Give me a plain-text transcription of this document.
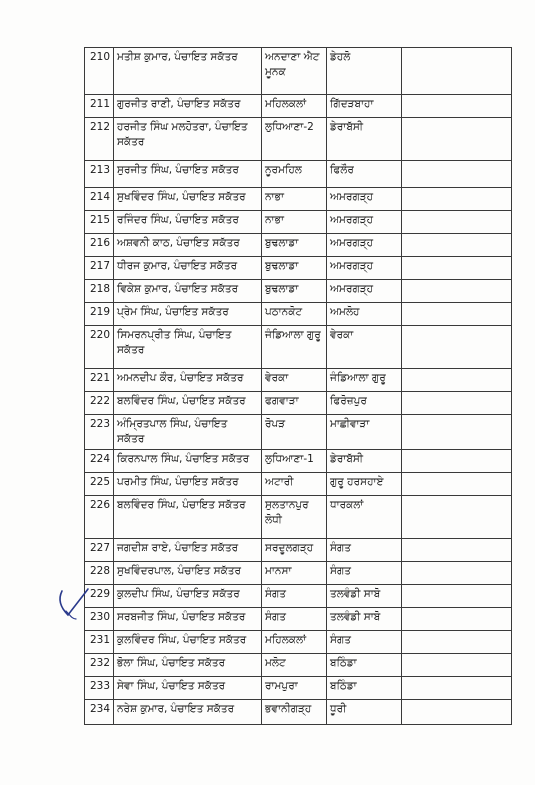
210	ਮਤੀਸ਼ ਕੁਮਾਰ, ਪੰਚਾਇਤ ਸਕੱਤਰ	ਅਨਦਾਣਾ ਐਟ ਮੂਨਕ	ਡੇਹਲੋ	
211	ਗੁਰਜੀਤ ਰਾਣੀ, ਪੰਚਾਇਤ ਸਕੱਤਰ	ਮਹਿਲਕਲਾਂ	ਗਿੱਦੜਬਾਹਾ	
212	ਹਰਜੀਤ ਸਿੰਘ ਮਲਹੋਤਰਾ, ਪੰਚਾਇਤ ਸਕੱਤਰ	ਲੁਧਿਆਣਾ-2	ਡੇਰਾਬੱਸੀ	
213	ਸੁਰਜੀਤ ਸਿੰਘ, ਪੰਚਾਇਤ ਸਕੱਤਰ	ਨੂਰਮਹਿਲ	ਫਿਲੌਰ	
214	ਸੁਖਵਿੰਦਰ ਸਿੰਘ, ਪੰਚਾਇਤ ਸਕੱਤਰ	ਨਾਭਾ	ਅਮਰਗੜ੍ਹ	
215	ਰਜਿੰਦਰ ਸਿੰਘ, ਪੰਚਾਇਤ ਸਕੱਤਰ	ਨਾਭਾ	ਅਮਰਗੜ੍ਹ	
216	ਅਸ਼ਵਨੀ ਕਾਠ, ਪੰਚਾਇਤ ਸਕੱਤਰ	ਬੁਢਲਾਡਾ	ਅਮਰਗੜ੍ਹ	
217	ਧੀਰਜ ਕੁਮਾਰ, ਪੰਚਾਇਤ ਸਕੱਤਰ	ਬੁਢਲਾਡਾ	ਅਮਰਗੜ੍ਹ	
218	ਵਿਕੇਸ਼ ਕੁਮਾਰ, ਪੰਚਾਇਤ ਸਕੱਤਰ	ਬੁਢਲਾਡਾ	ਅਮਰਗੜ੍ਹ	
219	ਪ੍ਰੇਮ ਸਿੰਘ, ਪੰਚਾਇਤ ਸਕੱਤਰ	ਪਠਾਨਕੋਟ	ਅਮਲੋਹ	
220	ਸਿਮਰਨਪ੍ਰੀਤ ਸਿੰਘ, ਪੰਚਾਇਤ ਸਕੱਤਰ	ਜੰਡਿਆਲਾ ਗੁਰੂ	ਵੇਰਕਾ	
221	ਅਮਨਦੀਪ ਕੌਰ, ਪੰਚਾਇਤ ਸਕੱਤਰ	ਵੇਰਕਾ	ਜੰਡਿਆਲਾ ਗੁਰੂ	
222	ਬਲਵਿੰਦਰ ਸਿੰਘ, ਪੰਚਾਇਤ ਸਕੱਤਰ	ਫਗਵਾੜਾ	ਫਿਰੋਜ਼ਪੁਰ	
223	ਅੰਮ੍ਰਿਤਪਾਲ ਸਿੰਘ, ਪੰਚਾਇਤ ਸਕੱਤਰ	ਰੋਪੜ	ਮਾਛੀਵਾੜਾ	
224	ਕਿਰਨਪਾਲ ਸਿੰਘ, ਪੰਚਾਇਤ ਸਕੱਤਰ	ਲੁਧਿਆਣਾ-1	ਡੇਰਾਬੱਸੀ	
225	ਪਰਮੀਤ ਸਿੰਘ, ਪੰਚਾਇਤ ਸਕੱਤਰ	ਅਟਾਰੀ	ਗੁਰੂ ਹਰਸਹਾਏ	
226	ਬਲਵਿੰਦਰ ਸਿੰਘ, ਪੰਚਾਇਤ ਸਕੱਤਰ	ਸੁਲਤਾਨਪੁਰ ਲੋਧੀ	ਧਾਰਕਲਾਂ	
227	ਜਗਦੀਸ਼ ਰਾਏ, ਪੰਚਾਇਤ ਸਕੱਤਰ	ਸਰਦੂਲਗੜ੍ਹ	ਸੰਗਤ	
228	ਸੁਖਵਿੰਦਰਪਾਲ, ਪੰਚਾਇਤ ਸਕੱਤਰ	ਮਾਨਸਾ	ਸੰਗਤ	
229	ਕੁਲਦੀਪ ਸਿੰਘ, ਪੰਚਾਇਤ ਸਕੱਤਰ	ਸੰਗਤ	ਤਲਵੰਡੀ ਸਾਬੋ	
230	ਸਰਬਜੀਤ ਸਿੰਘ, ਪੰਚਾਇਤ ਸਕੱਤਰ	ਸੰਗਤ	ਤਲਵੰਡੀ ਸਾਬੋ	
231	ਕੁਲਵਿੰਦਰ ਸਿੰਘ, ਪੰਚਾਇਤ ਸਕੱਤਰ	ਮਹਿਲਕਲਾਂ	ਸੰਗਤ	
232	ਭੋਲਾ ਸਿੰਘ, ਪੰਚਾਇਤ ਸਕੱਤਰ	ਮਲੋਟ	ਬਠਿੰਡਾ	
233	ਸੇਵਾ ਸਿੰਘ, ਪੰਚਾਇਤ ਸਕੱਤਰ	ਰਾਮਪੁਰਾ	ਬਠਿੰਡਾ	
234	ਨਰੇਸ਼ ਕੁਮਾਰ, ਪੰਚਾਇਤ ਸਕੱਤਰ	ਭਵਾਨੀਗੜ੍ਹ	ਧੂਰੀ	
